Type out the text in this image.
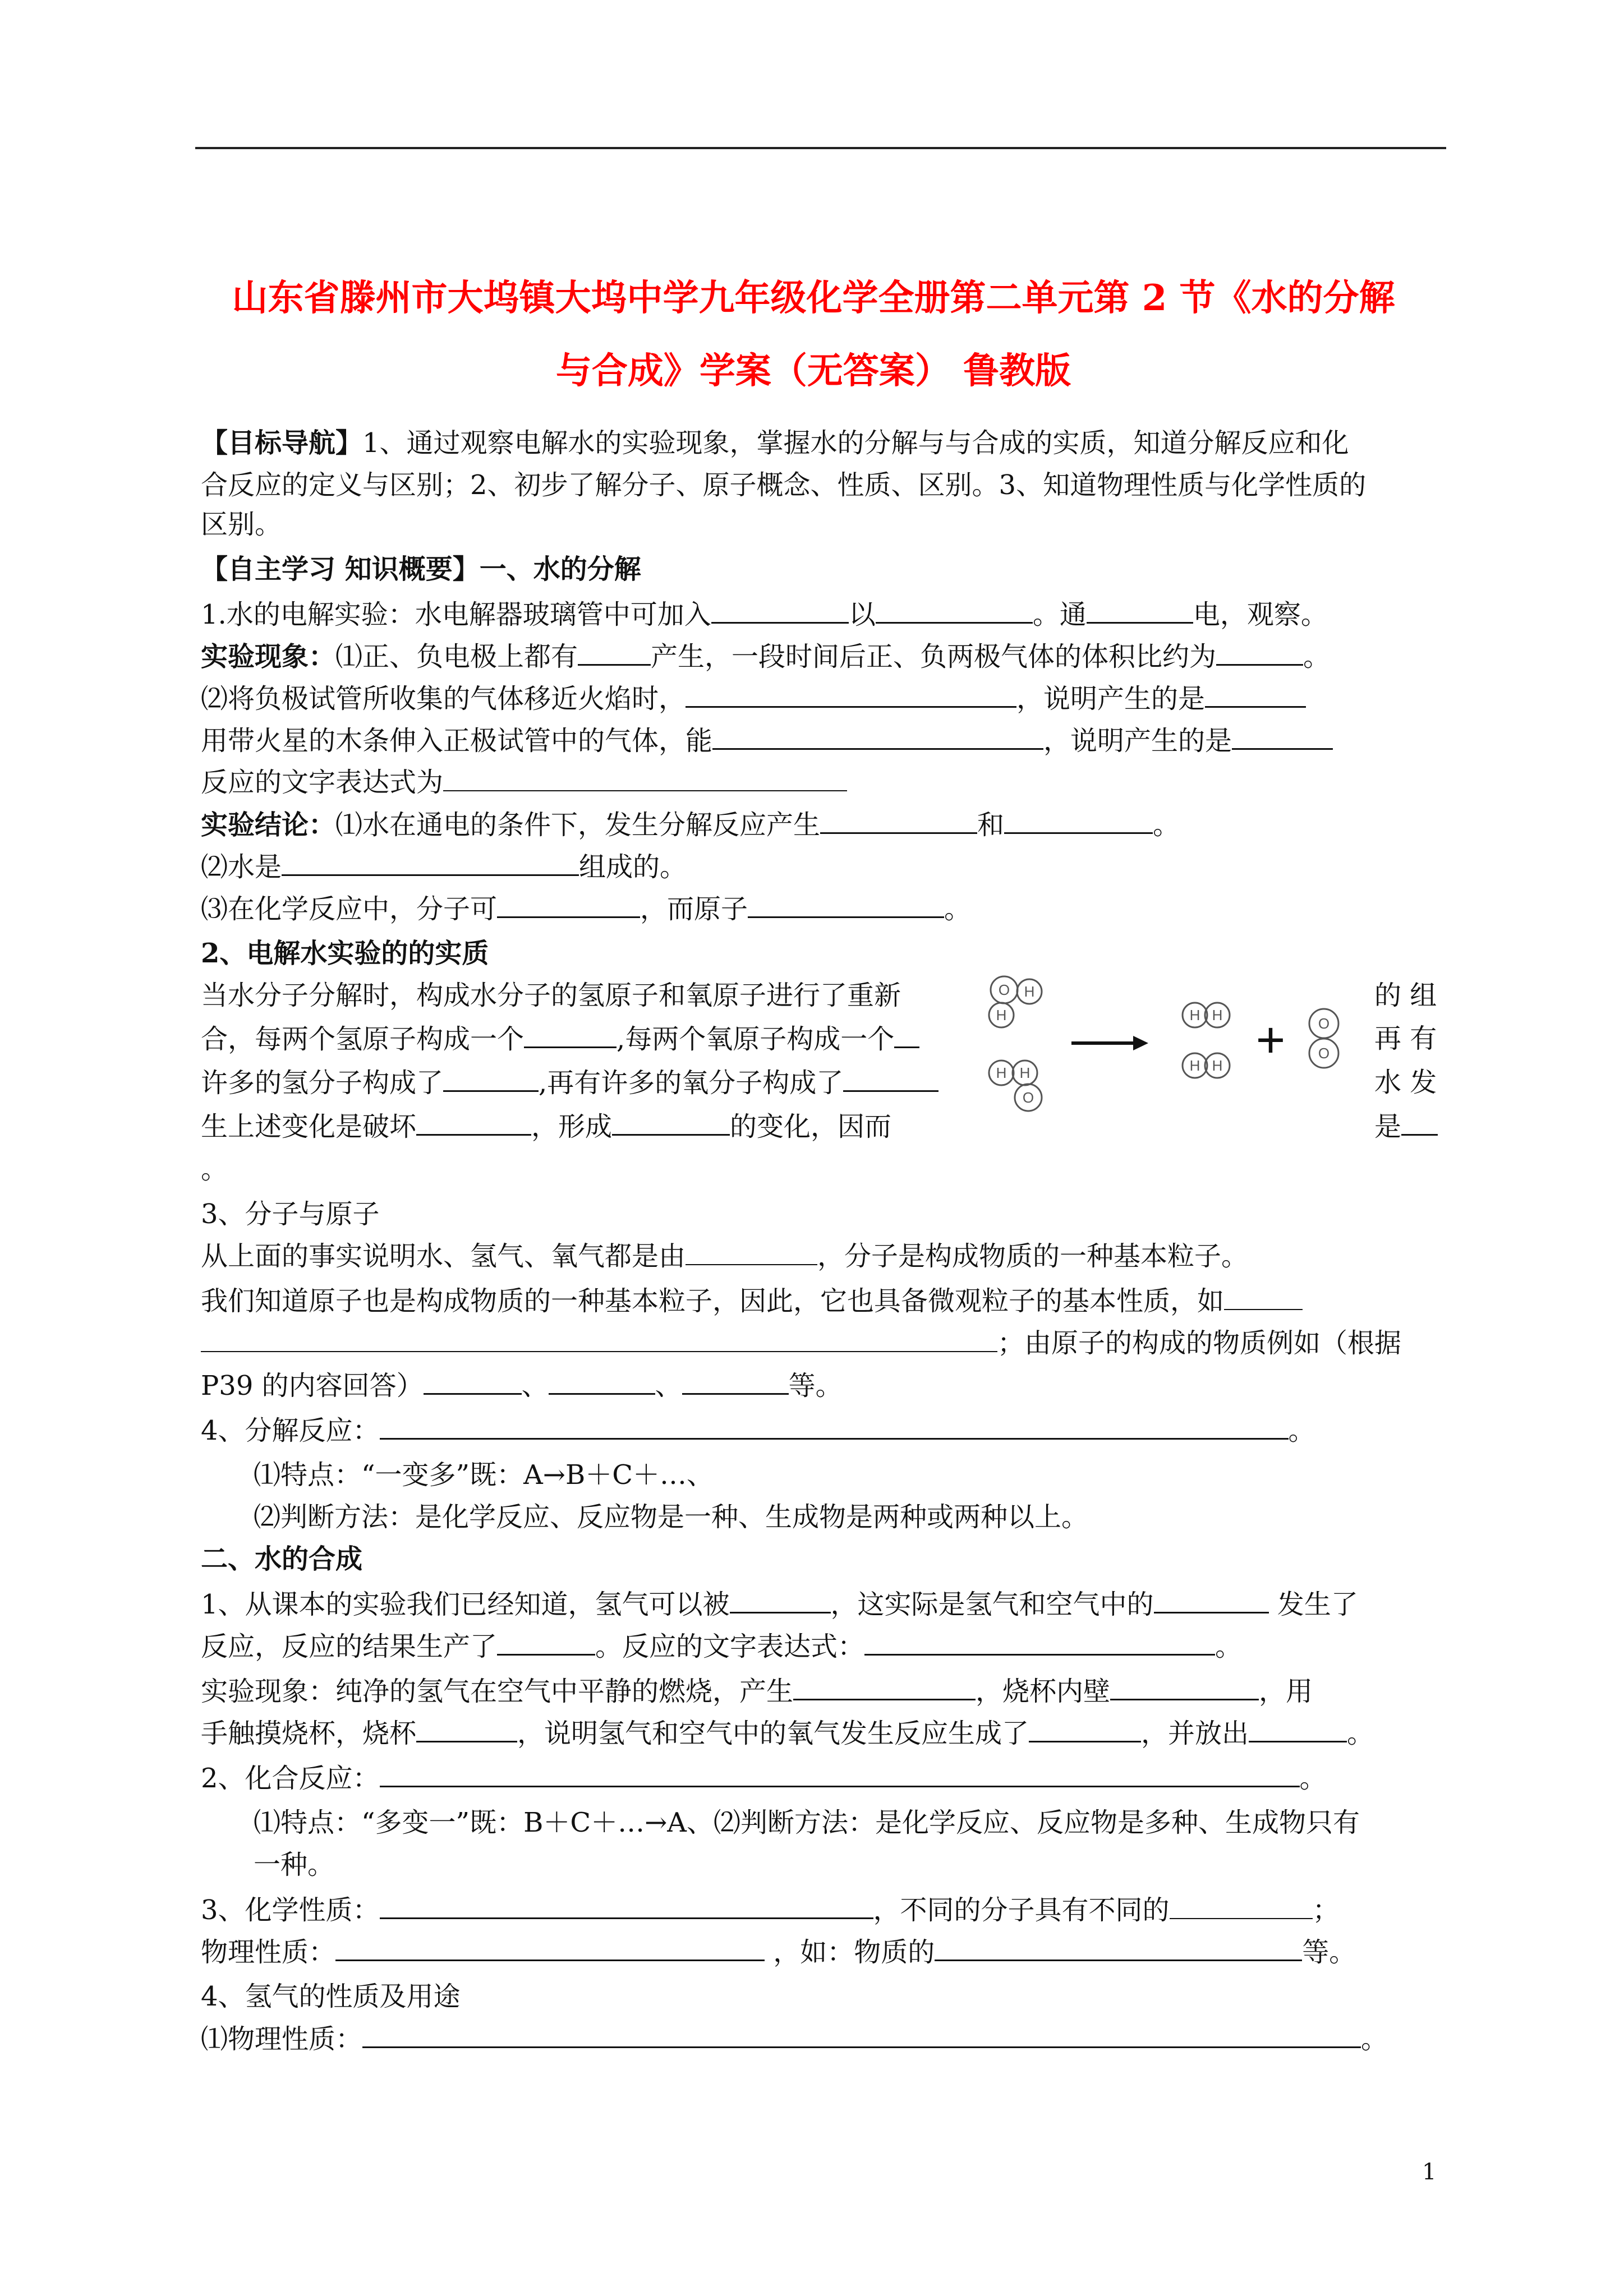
山东省滕州市大坞镇大坞中学九年级化学全册第二单元第 2 节《水的分解
与合成》学案（无答案） 鲁教版
【目标导航】1、通过观察电解水的实验现象，掌握水的分解与与合成的实质，知道分解反应和化
合反应的定义与区别；2、初步了解分子、原子概念、性质、区别。3、知道物理性质与化学性质的
区别。
【自主学习 知识概要】一、水的分解
1.水的电解实验：水电解器玻璃管中可加入	以	。通	电，观察。
实验现象：⑴正、负电极上都有	产生，一段时间后正、负两极气体的体积比约为	。
⑵将负极试管所收集的气体移近火焰时，	，说明产生的是
用带火星的木条伸入正极试管中的气体，能	，说明产生的是
反应的文字表达式为
实验结论：⑴水在通电的条件下，发生分解反应产生	和	。
⑵水是	组成的。
⑶在化学反应中，分子可	，而原子	。
2、电解水实验的的实质
当水分子分解时，构成水分子的氢原子和氧原子进行了重新
合，每两个氢原子构成一个	,每两个氧原子构成一个
许多的氢分子构成了	,再有许多的氧分子构成了
生上述变化是破坏	，形成	的变化，因而
。
的 组
再 有
水 发
是
O H
H
H H
O
H H
H H + O
O
3、分子与原子
从上面的事实说明水、氢气、氧气都是由	，分子是构成物质的一种基本粒子。
我们知道原子也是构成物质的一种基本粒子，因此，它也具备微观粒子的基本性质，如
；由原子的构成的物质例如（根据
P39 的内容回答）	、	、	等。
4、分解反应：	。
⑴特点：“一变多”既：A→B＋C＋…、
⑵判断方法：是化学反应、反应物是一种、生成物是两种或两种以上。
二、水的合成
1、从课本的实验我们已经知道，氢气可以被	，这实际是氢气和空气中的	发生了
反应，反应的结果生产了	。反应的文字表达式：	。
实验现象：纯净的氢气在空气中平静的燃烧，产生	，烧杯内壁	，用
手触摸烧杯，烧杯	，说明氢气和空气中的氧气发生反应生成了	，并放出	。
2、化合反应：	。
⑴特点：“多变一”既：B＋C＋…→A、⑵判断方法：是化学反应、反应物是多种、生成物只有
一种。
3、化学性质：	，不同的分子具有不同的	；
物理性质：	，如：物质的	等。
4、氢气的性质及用途
⑴物理性质：	。
1
